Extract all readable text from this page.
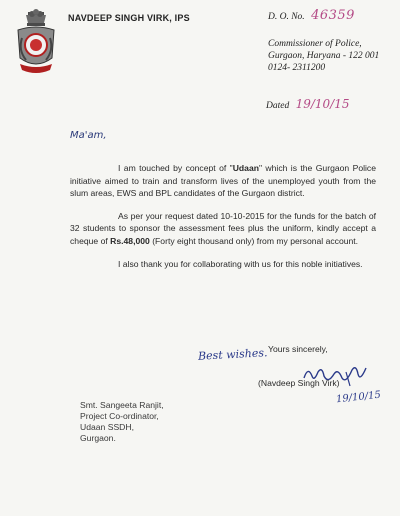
NAVDEEP SINGH VIRK, IPS	D. O. No. 46359
Commissioner of Police,
Gurgaon, Haryana - 122 001
0124- 2311200
Dated 19/10/15
Ma'am,

I am touched by concept of "Udaan" which is the Gurgaon Police initiative aimed to train and transform lives of the unemployed youth from the slum areas, EWS and BPL candidates of the Gurgaon district.

As per your request dated 10-10-2015 for the funds for the batch of 32 students to sponsor the assessment fees plus the uniform, kindly accept a cheque of Rs.48,000 (Forty eight thousand only) from my personal account.

I also thank you for collaborating with us for this noble initiatives.

Best wishes. Yours sincerely,
(Navdeep Singh Virk)
19/10/15
Smt. Sangeeta Ranjit,
Project Co-ordinator,
Udaan SSDH,
Gurgaon.
